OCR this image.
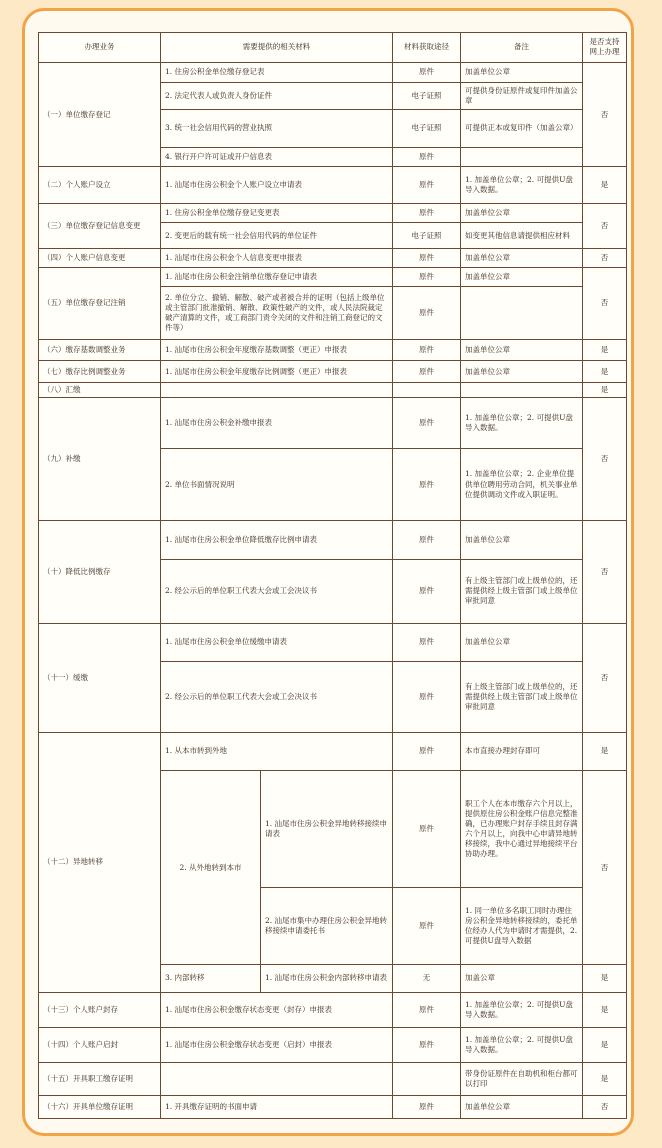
办理业务	需要提供的相关材料		材料获取途径	备注	是否支持网上办理
（一）单位缴存登记	1. 住房公积金单位缴存登记表		原件	加盖单位公章	否
	2. 法定代表人或负责人身份证件		电子证照	可提供身份证原件或复印件加盖公章	
	3. 统一社会信用代码的营业执照		电子证照	可提供正本或复印件（加盖公章）	
	4. 银行开户许可证或开户信息表		原件		
（二）个人账户设立	1. 汕尾市住房公积金个人账户设立申请表		原件	1. 加盖单位公章；2. 可提供U盘导入数据。	是
（三）单位缴存登记信息变更	1. 住房公积金单位缴存登记变更表		原件	加盖单位公章	否
	2. 变更后的载有统一社会信用代码的单位证件		电子证照	如变更其他信息请提供相应材料	
（四）个人账户信息变更	1. 汕尾市住房公积金个人信息变更申报表		原件	加盖单位公章	否
（五）单位缴存登记注销	1. 汕尾市住房公积金注销单位缴存登记申请表		原件	加盖单位公章	否
	2. 单位分立、撤销、解散、破产或者被合并的证明（包括上级单位或主管部门批准撤销、解散、政策性破产的文件，或人民法院裁定破产清算的文件，或工商部门责令关闭的文件和注销工商登记的文件等）		原件		
（六）缴存基数调整业务	1. 汕尾市住房公积金年度缴存基数调整（更正）申报表		原件	加盖单位公章	是
（七）缴存比例调整业务	1. 汕尾市住房公积金年度缴存比例调整（更正）申报表		原件	加盖单位公章	是
（八）汇缴					是
（九）补缴	1. 汕尾市住房公积金补缴申报表		原件	1. 加盖单位公章；2. 可提供U盘导入数据。	否
	2. 单位书面情况说明		原件	1. 加盖单位公章；2. 企业单位提供单位聘用劳动合同，机关事业单位提供调动文件或入职证明。	
（十）降低比例缴存	1. 汕尾市住房公积金单位降低缴存比例申请表		原件	加盖单位公章	否
	2. 经公示后的单位职工代表大会或工会决议书		原件	有上级主管部门或上级单位的，还需提供经上级主管部门或上级单位审批同意	
（十一）缓缴	1. 汕尾市住房公积金单位缓缴申请表		原件	加盖单位公章	否
	2. 经公示后的单位职工代表大会或工会决议书		原件	有上级主管部门或上级单位的，还需提供经上级主管部门或上级单位审批同意	
（十二）异地转移	1. 从本市转到外地		原件	本市直接办理封存即可	是
	2. 从外地转到本市	1. 汕尾市住房公积金异地转移接续申请表	原件	职工个人在本市缴存六个月以上，提供原住房公积金账户信息完整准确，已办理账户封存手续且封存满六个月以上，向我中心申请异地转移接续，我中心通过异地接续平台协助办理。	否
		2. 汕尾市集中办理住房公积金异地转移接续申请委托书	原件	1. 同一单位多名职工同时办理住房公积金异地转移接续的，委托单位经办人代为申请时才需提供，2. 可提供U盘导入数据	
	3. 内部转移	1. 汕尾市住房公积金内部转移申请表	无	加盖公章	是
（十三）个人账户封存	1. 汕尾市住房公积金缴存状态变更（封存）申报表		原件	1. 加盖单位公章；2. 可提供U盘导入数据。	是
（十四）个人账户启封	1. 汕尾市住房公积金缴存状态变更（启封）申报表		原件	1. 加盖单位公章；2. 可提供U盘导入数据。	是
（十五）开具职工缴存证明				带身份证原件在自助机和柜台都可以打印	是
（十六）开具单位缴存证明	1. 开具缴存证明的书面申请		原件	加盖单位公章	否
